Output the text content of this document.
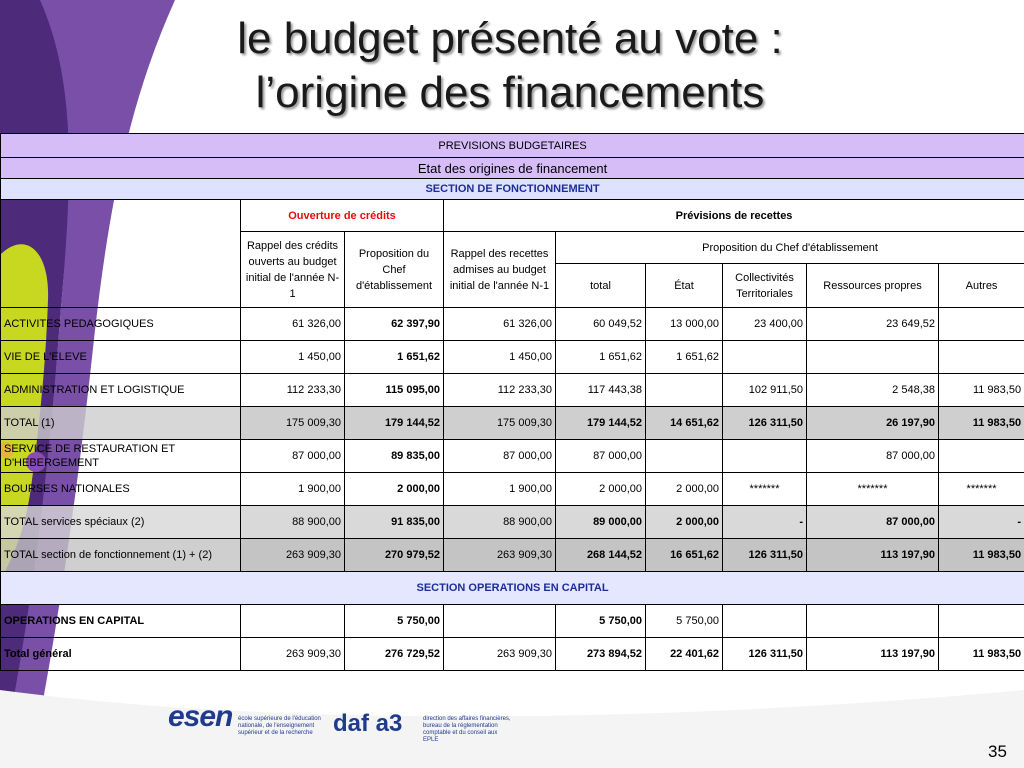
le budget présenté au vote :
l’origine des financements
PREVISIONS BUDGETAIRES								
Etat des origines de financement								
SECTION DE FONCTIONNEMENT								
	Ouverture de crédits		Prévisions de recettes					
	Rappel des crédits ouverts au budget initial de l'année N-1	Proposition du Chef d'établissement	Rappel des recettes admises au budget initial de l'année N-1	Proposition du Chef d'établissement				
				total	État	Collectivités Territoriales	Ressources propres	Autres
ACTIVITES PEDAGOGIQUES	61 326,00	62 397,90	61 326,00	60 049,52	13 000,00	23 400,00	23 649,52	
VIE DE L'ELEVE	1 450,00	1 651,62	1 450,00	1 651,62	1 651,62			
ADMINISTRATION ET LOGISTIQUE	112 233,30	115 095,00	112 233,30	117 443,38		102 911,50	2 548,38	11 983,50
TOTAL (1)	175 009,30	179 144,52	175 009,30	179 144,52	14 651,62	126 311,50	26 197,90	11 983,50
SERVICE DE RESTAURATION ET D'HEBERGEMENT	87 000,00	89 835,00	87 000,00	87 000,00			87 000,00	
BOURSES NATIONALES	1 900,00	2 000,00	1 900,00	2 000,00	2 000,00	*******	*******	*******
TOTAL services spéciaux (2)	88 900,00	91 835,00	88 900,00	89 000,00	2 000,00	-	87 000,00	-
TOTAL section de fonctionnement (1) + (2)	263 909,30	270 979,52	263 909,30	268 144,52	16 651,62	126 311,50	113 197,90	11 983,50
SECTION OPERATIONS EN CAPITAL								
OPERATIONS EN CAPITAL		5 750,00		5 750,00	5 750,00			
Total général	263 909,30	276 729,52	263 909,30	273 894,52	22 401,62	126 311,50	113 197,90	11 983,50
esen école supérieure de l'éducation nationale, de l'enseignement supérieur et de la recherche daf a3	direction des affaires financières, bureau de la réglementation comptable et du conseil aux EPLE
35
